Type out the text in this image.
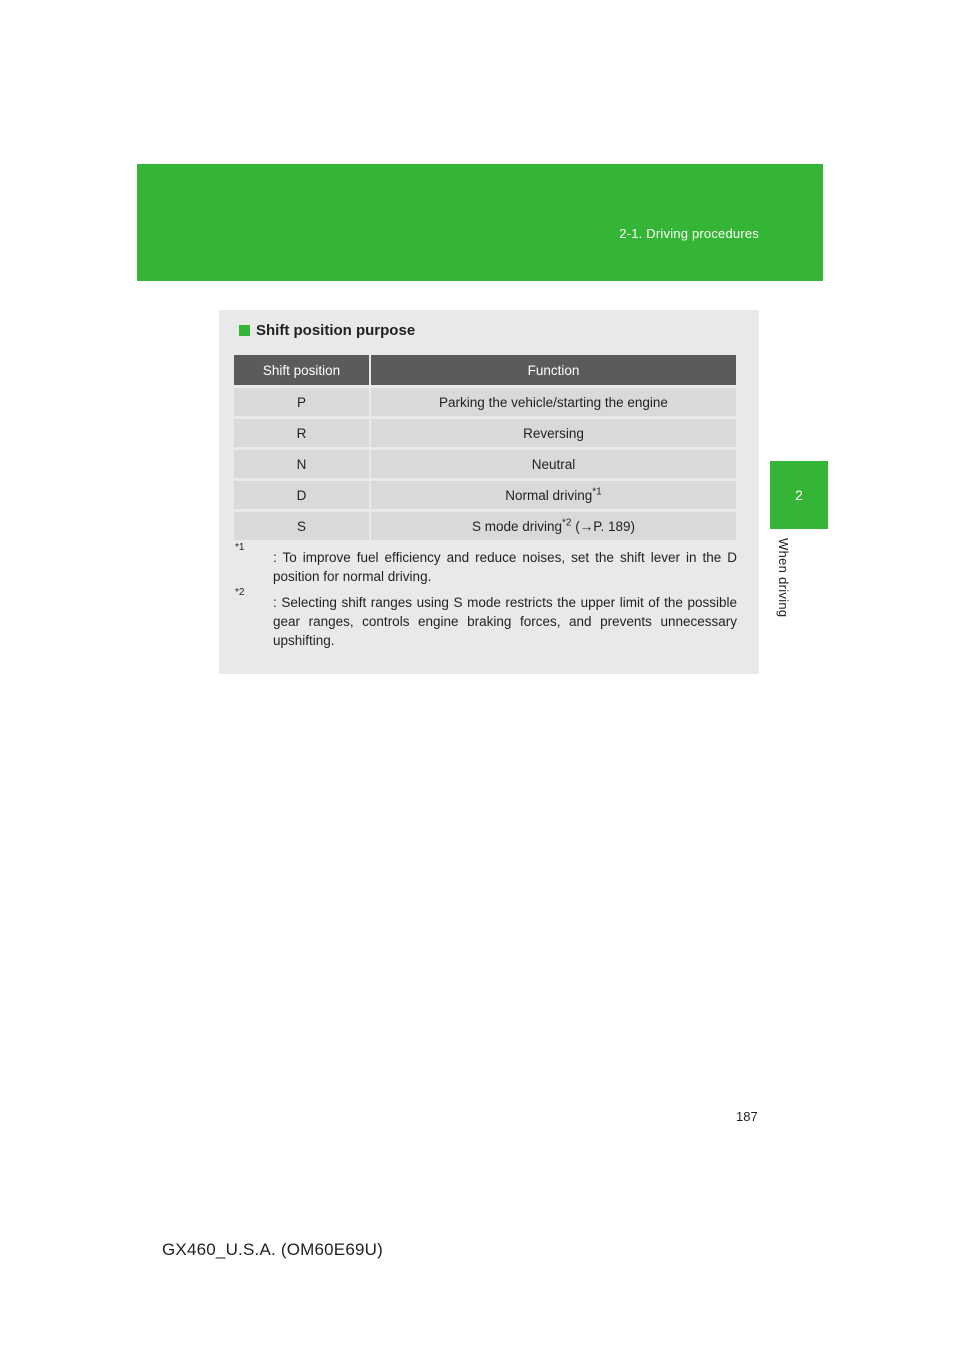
2-1. Driving procedures
2
When driving
Shift position purpose
Shift position	Function
P	Parking the vehicle/starting the engine
R	Reversing
N	Neutral
D	Normal driving$^{*1}$
S	S mode driving$^{*2}$ (→P. 189)
*1
: To improve fuel efficiency and reduce noises, set the shift lever in the D position for normal driving.
*2
: Selecting shift ranges using S mode restricts the upper limit of the possible gear ranges, controls engine braking forces, and prevents unnecessary upshifting.
187
GX460_U.S.A. (OM60E69U)
